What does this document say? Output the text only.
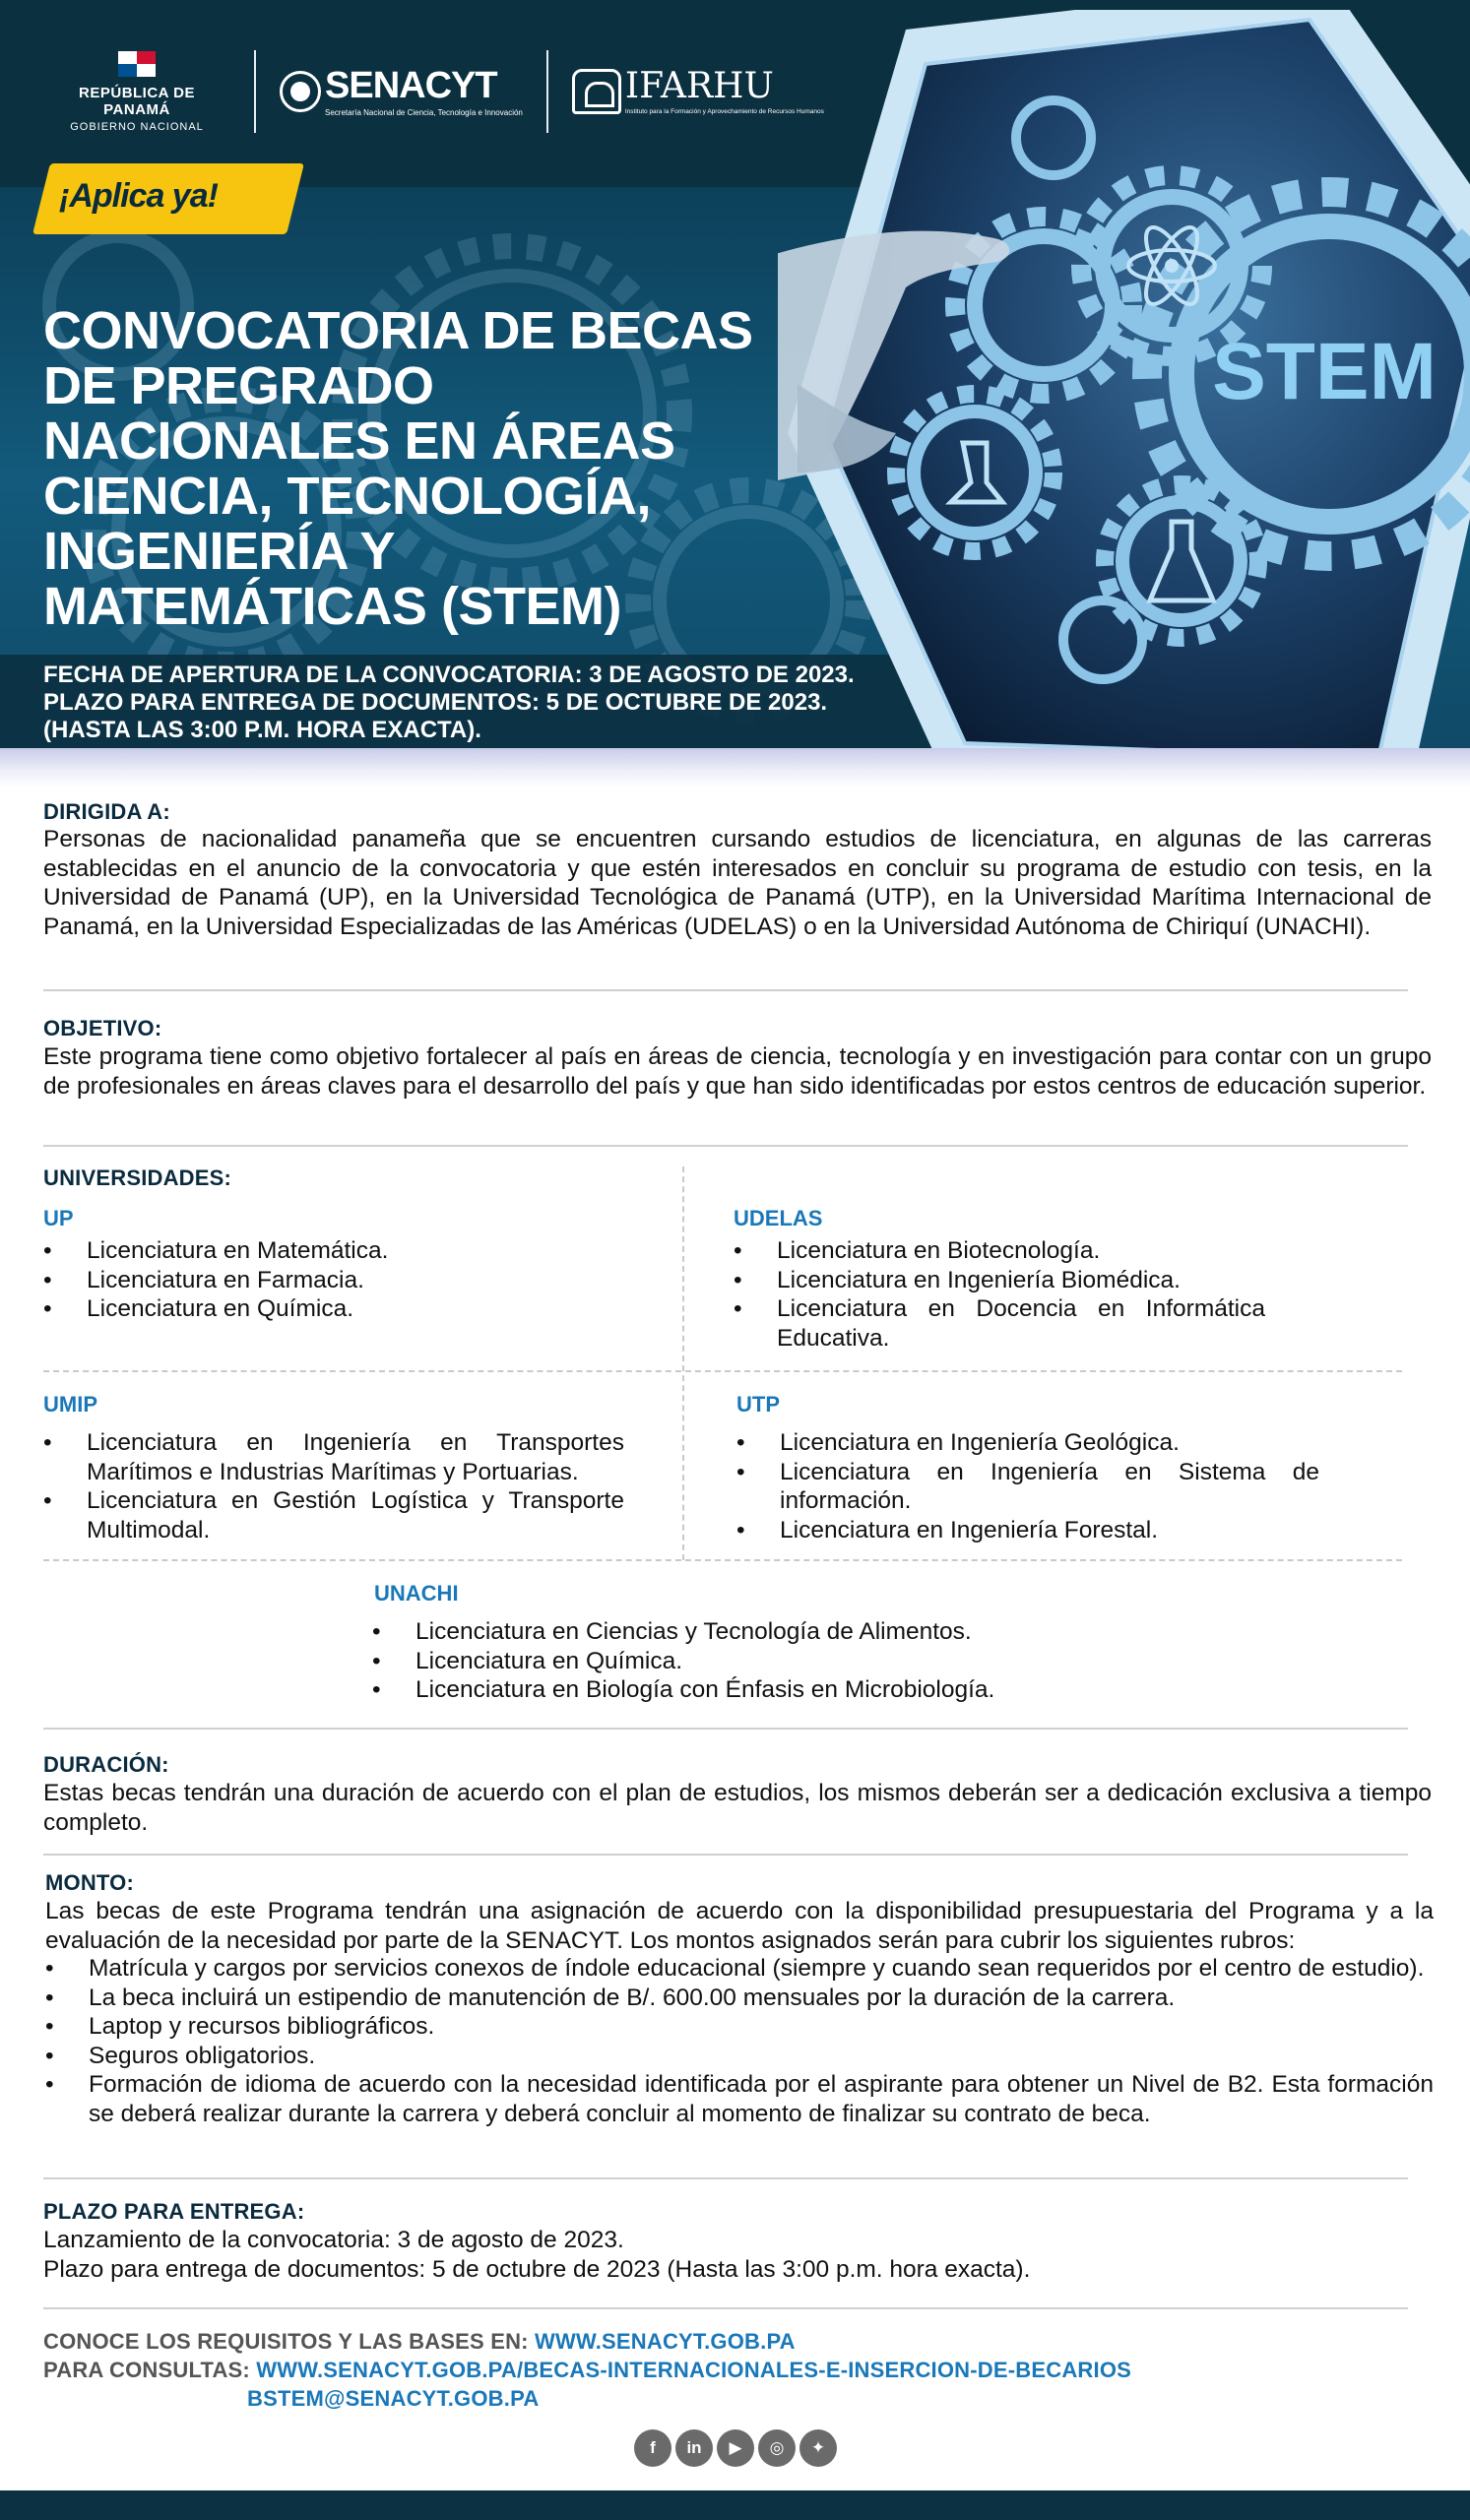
REPÚBLICA DE PANAMÁ
GOBIERNO NACIONAL
SENACYT
Secretaría Nacional de Ciencia, Tecnología e Innovación
IFARHU
Instituto para la Formación y Aprovechamiento de Recursos Humanos
¡Aplica ya!
CONVOCATORIA DE BECAS DE PREGRADO NACIONALES EN ÁREAS CIENCIA, TECNOLOGÍA, INGENIERÍA Y MATEMÁTICAS (STEM)
FECHA DE APERTURA DE LA CONVOCATORIA: 3 DE AGOSTO DE 2023.
PLAZO PARA ENTREGA DE DOCUMENTOS: 5 DE OCTUBRE DE 2023.
(HASTA LAS 3:00 P.M. HORA EXACTA).
STEM
DIRIGIDA A:
Personas de nacionalidad panameña que se encuentren cursando estudios de licenciatura, en algunas de las carreras establecidas en el anuncio de la convocatoria y que estén interesados en concluir su programa de estudio con tesis, en la Universidad de Panamá (UP), en la Universidad Tecnológica de Panamá (UTP), en la Universidad Marítima Internacional de Panamá, en la Universidad Especializadas de las Américas (UDELAS) o en la Universidad Autónoma de Chiriquí (UNACHI).
OBJETIVO:
Este programa tiene como objetivo fortalecer al país en áreas de ciencia, tecnología y en investigación para contar con un grupo de profesionales en áreas claves para el desarrollo del país y que han sido identificadas por estos centros de educación superior.
UNIVERSIDADES:
UP
• Licenciatura en Matemática.
• Licenciatura en Farmacia.
• Licenciatura en Química.
UDELAS
• Licenciatura en Biotecnología.
• Licenciatura en Ingeniería Biomédica.
• Licenciatura en Docencia en Informática Educativa.
UMIP
• Licenciatura en Ingeniería en Transportes Marítimos e Industrias Marítimas y Portuarias.
• Licenciatura en Gestión Logística y Transporte Multimodal.
UTP
• Licenciatura en Ingeniería Geológica.
• Licenciatura en Ingeniería en Sistema de información.
• Licenciatura en Ingeniería Forestal.
UNACHI
• Licenciatura en Ciencias y Tecnología de Alimentos.
• Licenciatura en Química.
• Licenciatura en Biología con Énfasis en Microbiología.
DURACIÓN:
Estas becas tendrán una duración de acuerdo con el plan de estudios, los mismos deberán ser a dedicación exclusiva a tiempo completo.
MONTO:
Las becas de este Programa tendrán una asignación de acuerdo con la disponibilidad presupuestaria del Programa y a la evaluación de la necesidad por parte de la SENACYT. Los montos asignados serán para cubrir los siguientes rubros:
• Matrícula y cargos por servicios conexos de índole educacional (siempre y cuando sean requeridos por el centro de estudio).
• La beca incluirá un estipendio de manutención de B/. 600.00 mensuales por la duración de la carrera.
• Laptop y recursos bibliográficos.
• Seguros obligatorios.
• Formación de idioma de acuerdo con la necesidad identificada por el aspirante para obtener un Nivel de B2. Esta formación se deberá realizar durante la carrera y deberá concluir al momento de finalizar su contrato de beca.
PLAZO PARA ENTREGA:
Lanzamiento de la convocatoria: 3 de agosto de 2023.
Plazo para entrega de documentos: 5 de octubre de 2023 (Hasta las 3:00 p.m. hora exacta).
CONOCE LOS REQUISITOS Y LAS BASES EN: WWW.SENACYT.GOB.PA
PARA CONSULTAS: WWW.SENACYT.GOB.PA/BECAS-INTERNACIONALES-E-INSERCION-DE-BECARIOS
BSTEM@SENACYT.GOB.PA
f	in	▶	◎	✦
